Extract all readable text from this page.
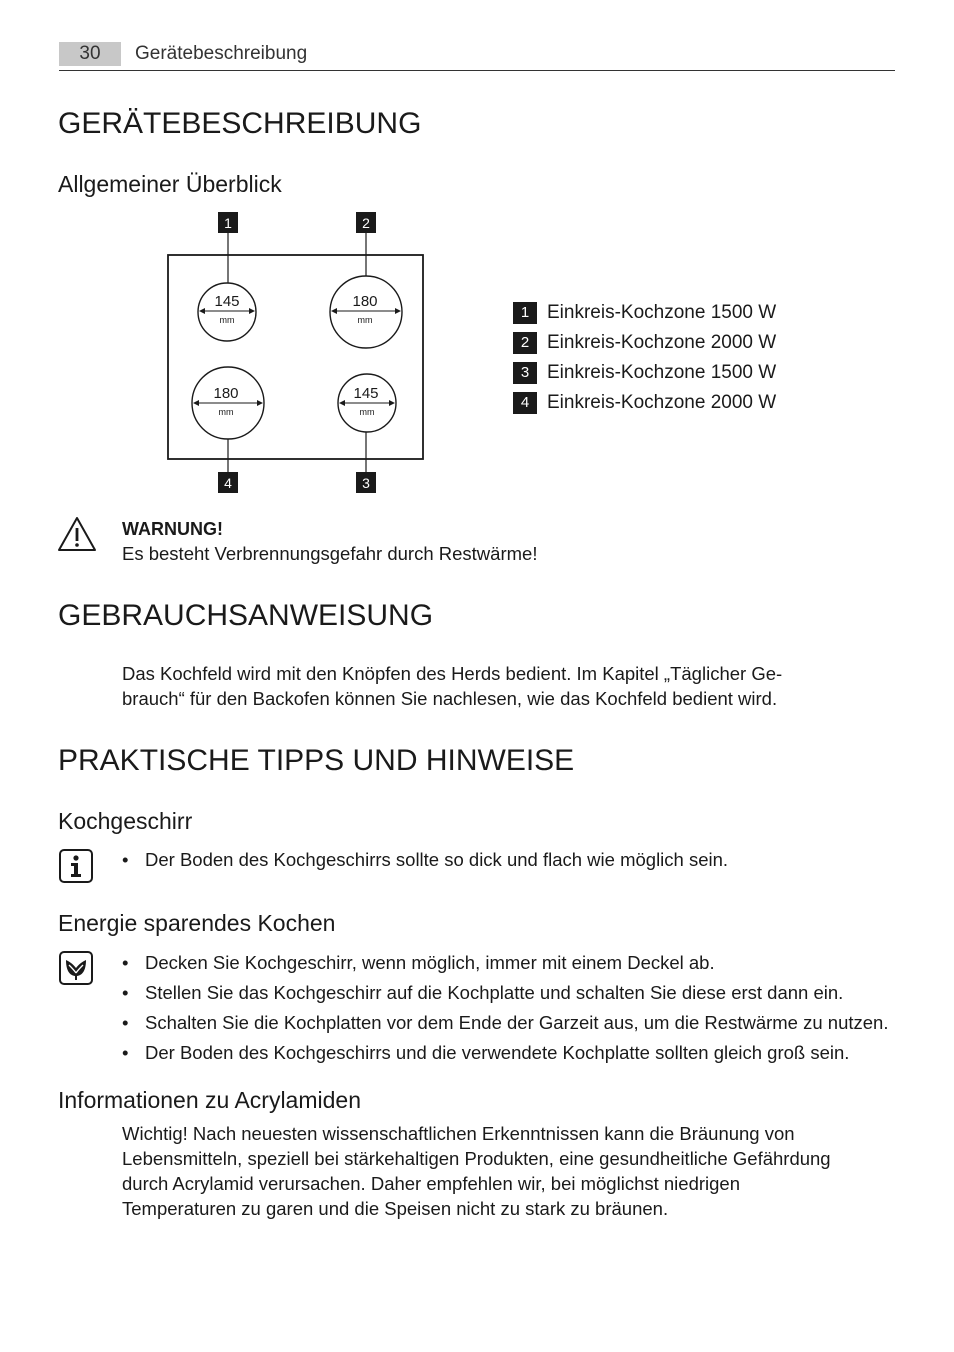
30	Gerätebeschreibung
GERÄTEBESCHREIBUNG
Allgemeiner Überblick
145
mm
180
mm
180
mm
145
mm
1	2
4	3
1 Einkreis-Kochzone 1500 W
2 Einkreis-Kochzone 2000 W
3 Einkreis-Kochzone 1500 W
4 Einkreis-Kochzone 2000 W
WARNUNG!
Es besteht Verbrennungsgefahr durch Restwärme!
GEBRAUCHSANWEISUNG
Das Kochfeld wird mit den Knöpfen des Herds bedient. Im Kapitel „Täglicher Ge-
brauch“ für den Backofen können Sie nachlesen, wie das Kochfeld bedient wird.
PRAKTISCHE TIPPS UND HINWEISE
Kochgeschirr
• Der Boden des Kochgeschirrs sollte so dick und flach wie möglich sein.
Energie sparendes Kochen
• Decken Sie Kochgeschirr, wenn möglich, immer mit einem Deckel ab.
• Stellen Sie das Kochgeschirr auf die Kochplatte und schalten Sie diese erst dann ein.
• Schalten Sie die Kochplatten vor dem Ende der Garzeit aus, um die Restwärme zu nutzen.
• Der Boden des Kochgeschirrs und die verwendete Kochplatte sollten gleich groß sein.
Informationen zu Acrylamiden
Wichtig! Nach neuesten wissenschaftlichen Erkenntnissen kann die Bräunung von
Lebensmitteln, speziell bei stärkehaltigen Produkten, eine gesundheitliche Gefährdung
durch Acrylamid verursachen. Daher empfehlen wir, bei möglichst niedrigen
Temperaturen zu garen und die Speisen nicht zu stark zu bräunen.
